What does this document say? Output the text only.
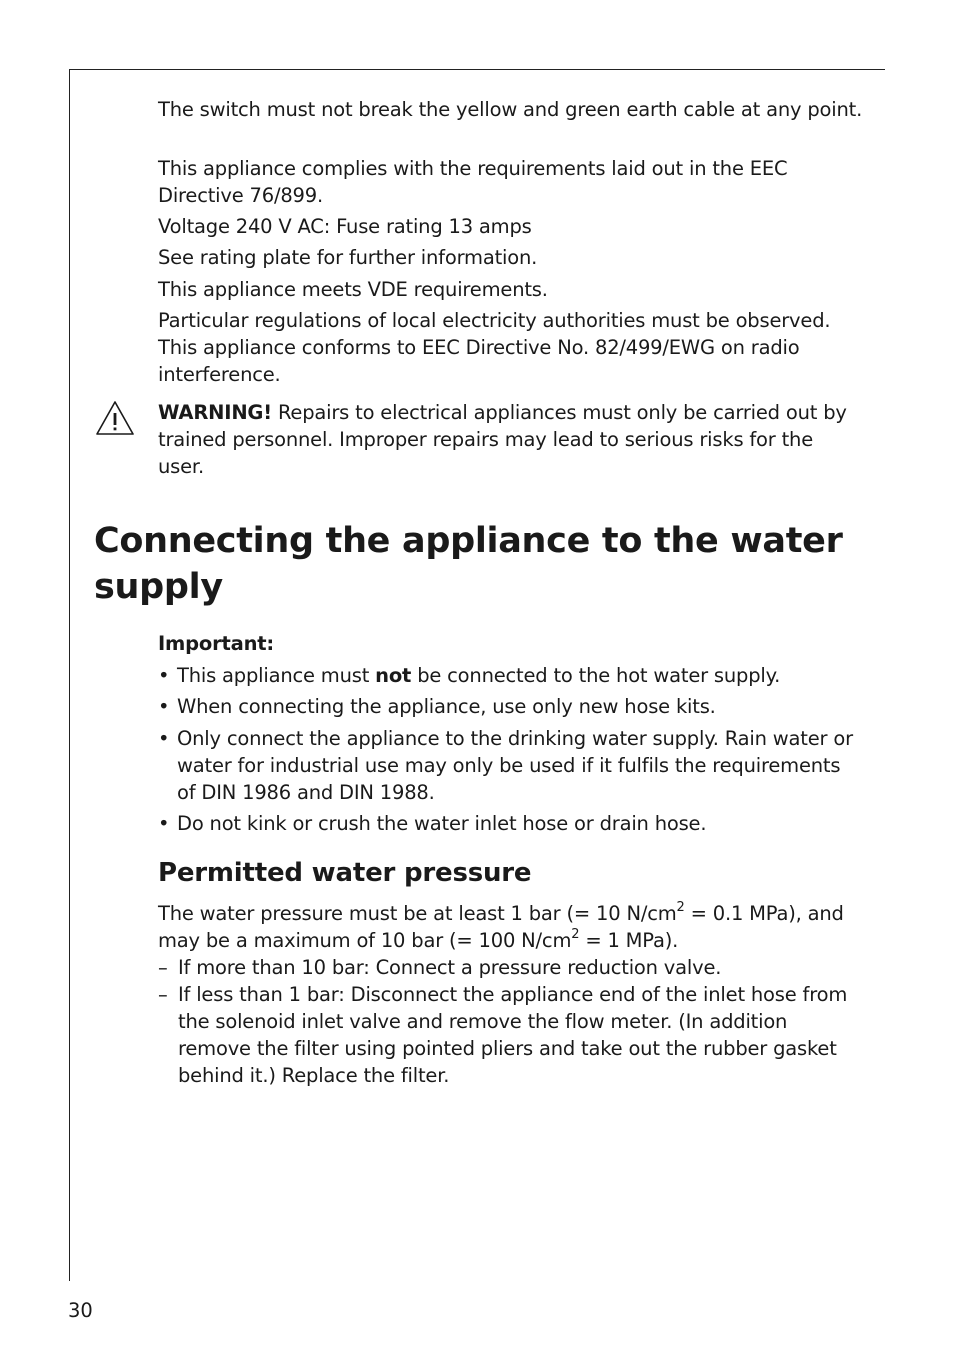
The switch must not break the yellow and green earth cable at any point.

This appliance complies with the requirements laid out in the EEC Directive 76/899.

Voltage 240 V AC: Fuse rating 13 amps

See rating plate for further information.

This appliance meets VDE requirements.

Particular regulations of local electricity authorities must be observed. This appliance conforms to EEC Directive No. 82/499/EWG on radio interference.

WARNING! Repairs to electrical appliances must only be carried out by trained personnel. Improper repairs may lead to serious risks for the user.

Connecting the appliance to the water supply

Important:

• This appliance must not be connected to the hot water supply.
• When connecting the appliance, use only new hose kits.
• Only connect the appliance to the drinking water supply. Rain water or water for industrial use may only be used if it fulfils the requirements of DIN 1986 and DIN 1988.
• Do not kink or crush the water inlet hose or drain hose.
Permitted water pressure

The water pressure must be at least 1 bar (= 10 $N/cm^2 = 0.1$ MPa), and
may be a maximum of 10 bar (= 100 $N/cm^2 = 1$ MPa).

– If more than 10 bar: Connect a pressure reduction valve.
– If less than 1 bar: Disconnect the appliance end of the inlet hose from the solenoid inlet valve and remove the flow meter. (In addition remove the filter using pointed pliers and take out the rubber gasket behind it.) Replace the filter.
30
